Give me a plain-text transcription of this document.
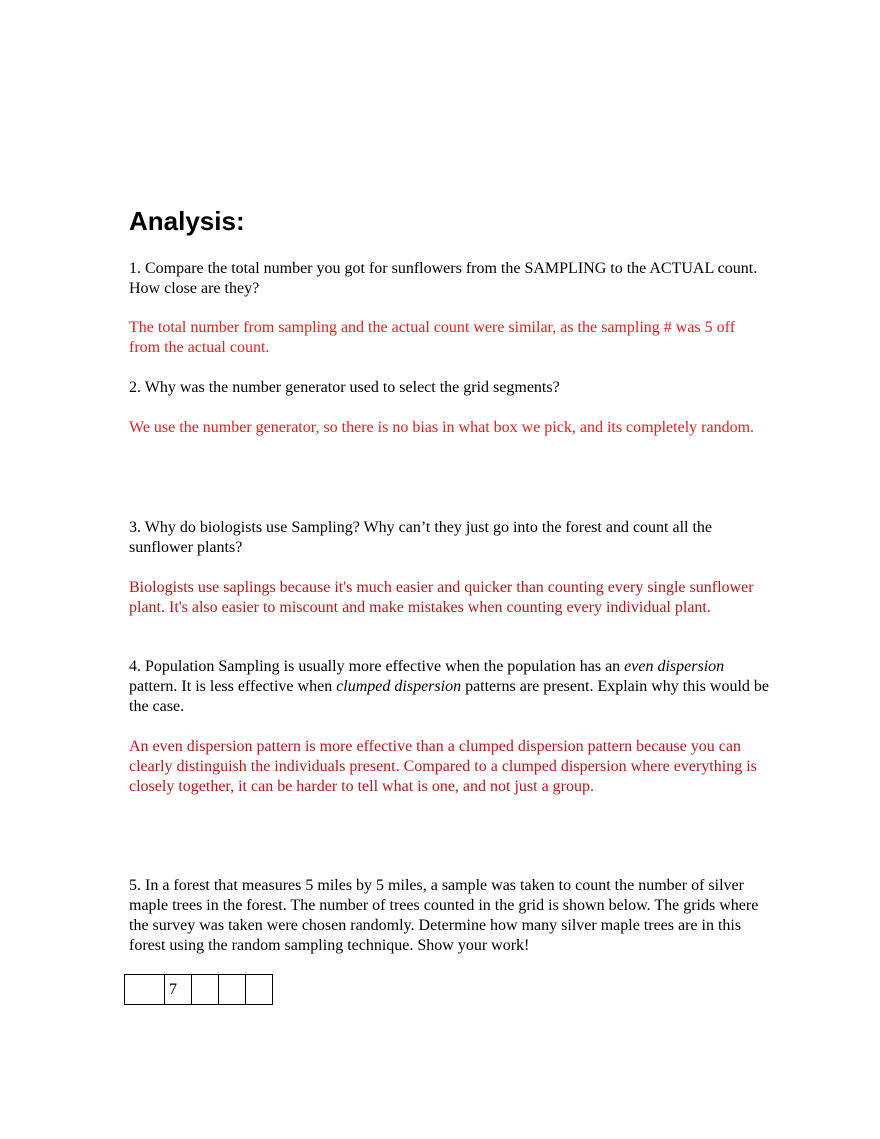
Analysis:

1. Compare the total number you got for sunflowers from the SAMPLING to the ACTUAL count. How close are they?

The total number from sampling and the actual count were similar, as the sampling # was 5 off from the actual count.

2. Why was the number generator used to select the grid segments?

We use the number generator, so there is no bias in what box we pick, and its completely random.

3. Why do biologists use Sampling? Why can’t they just go into the forest and count all the sunflower plants?

Biologists use saplings because it's much easier and quicker than counting every single sunflower plant. It's also easier to miscount and make mistakes when counting every individual plant.

4. Population Sampling is usually more effective when the population has an even dispersion pattern. It is less effective when clumped dispersion patterns are present. Explain why this would be the case.

An even dispersion pattern is more effective than a clumped dispersion pattern because you can clearly distinguish the individuals present. Compared to a clumped dispersion where everything is closely together, it can be harder to tell what is one, and not just a group.

5. In a forest that measures 5 miles by 5 miles, a sample was taken to count the number of silver maple trees in the forest. The number of trees counted in the grid is shown below. The grids where the survey was taken were chosen randomly. Determine how many silver maple trees are in this forest using the random sampling technique. Show your work!

	7			
